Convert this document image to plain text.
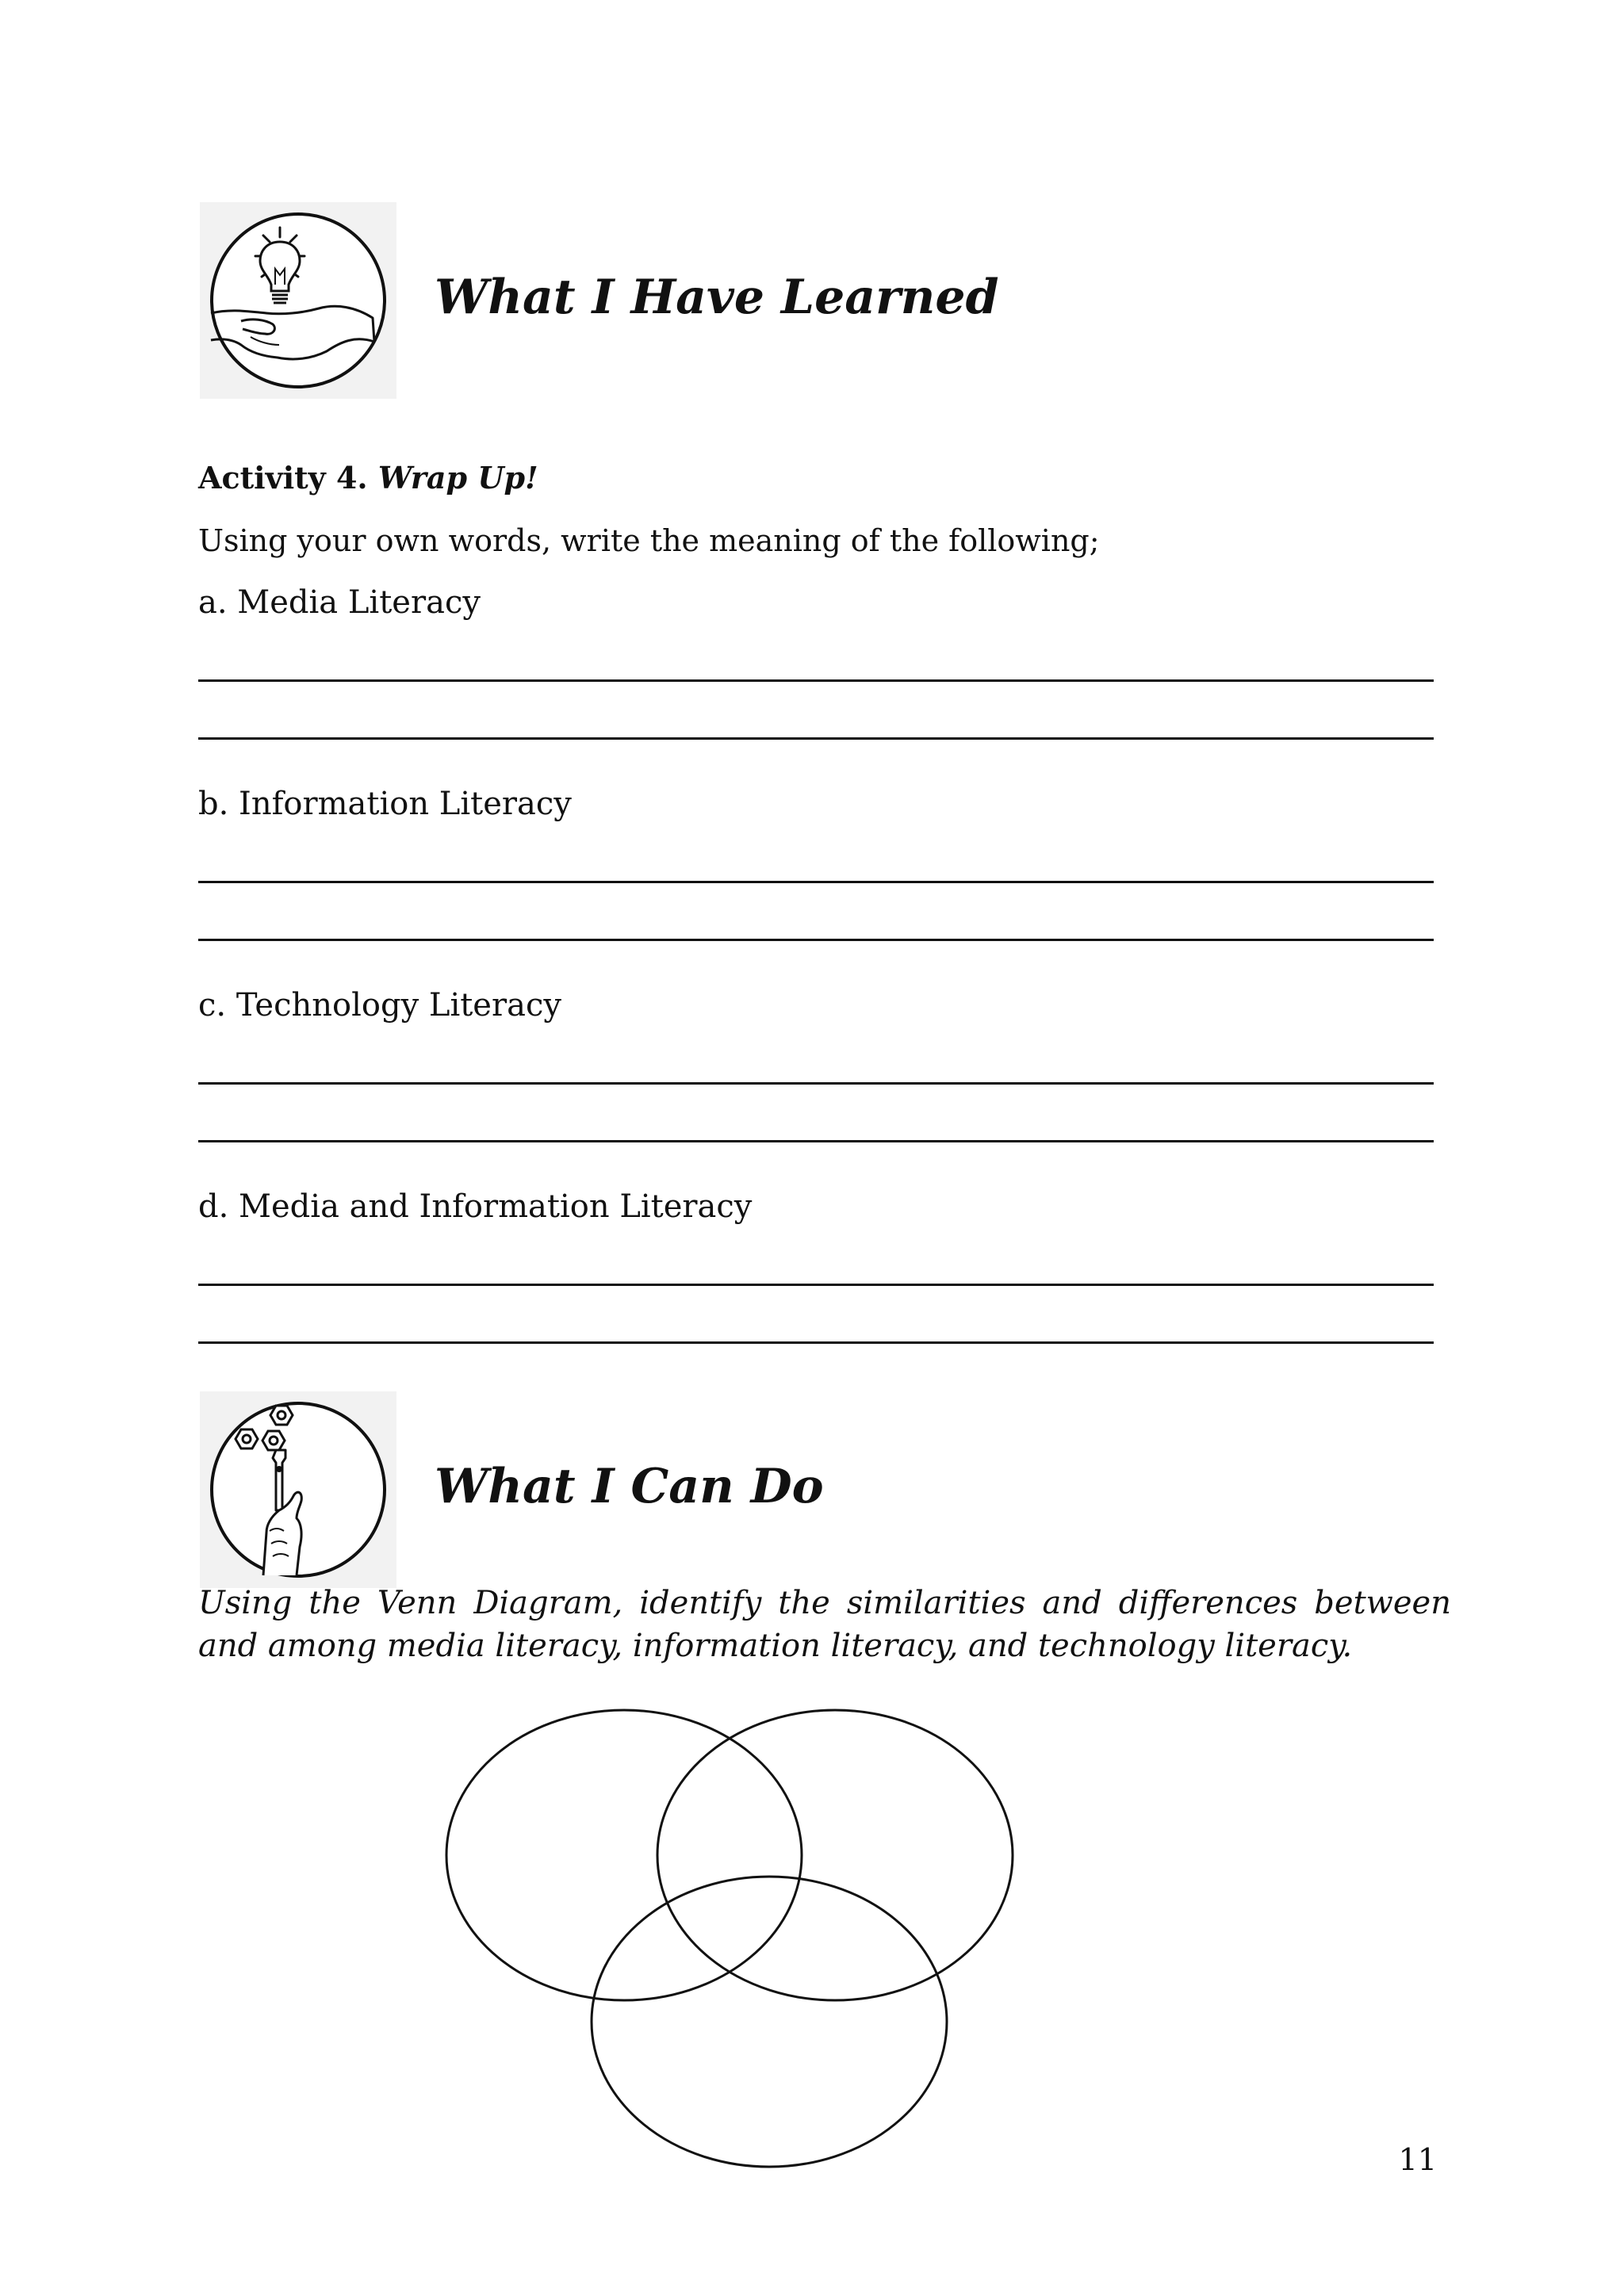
What I Have Learned
Activity 4. Wrap Up!
Using your own words, write the meaning of the following;
a. Media Literacy
b. Information Literacy
c. Technology Literacy
d. Media and Information Literacy
What I Can Do
Using the Venn Diagram, identify the similarities and differences between and among media literacy, information literacy, and technology literacy.
11
